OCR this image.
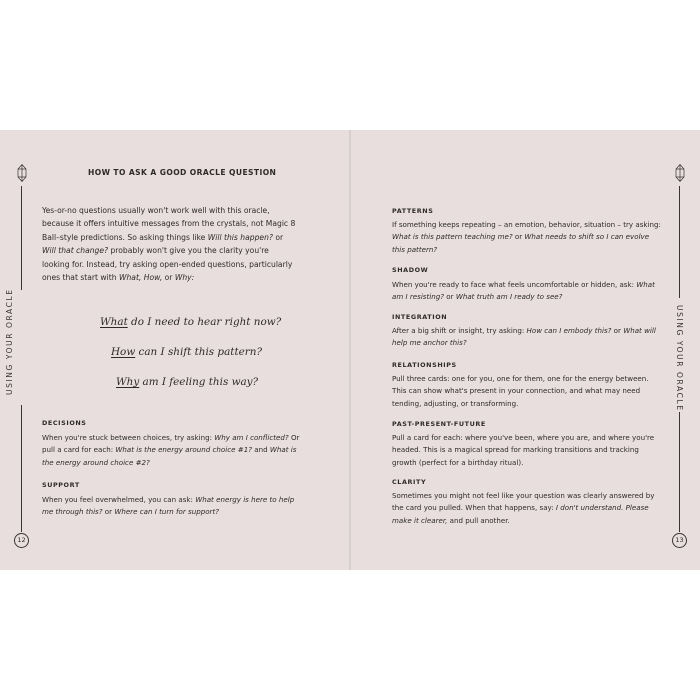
USING YOUR ORACLE
12
USING YOUR ORACLE
13
HOW TO ASK A GOOD ORACLE QUESTION

Yes-or-no questions usually won't work well with this oracle, because it offers intuitive messages from the crystals, not Magic 8 Ball–style predictions. So asking things like Will this happen? or Will that change? probably won't give you the clarity you're looking for. Instead, try asking open-ended questions, particularly ones that start with What, How, or Why:

What do I need to hear right now?
How can I shift this pattern?
Why am I feeling this way?
DECISIONS

When you're stuck between choices, try asking: Why am I conflicted? Or pull a card for each: What is the energy around choice #1? and What is the energy around choice #2?

SUPPORT

When you feel overwhelmed, you can ask: What energy is here to help me through this? or Where can I turn for support?

PATTERNS

If something keeps repeating – an emotion, behavior, situation – try asking: What is this pattern teaching me? or What needs to shift so I can evolve this pattern?

SHADOW

When you're ready to face what feels uncomfortable or hidden, ask: What am I resisting? or What truth am I ready to see?

INTEGRATION

After a big shift or insight, try asking: How can I embody this? or What will help me anchor this?

RELATIONSHIPS

Pull three cards: one for you, one for them, one for the energy between. This can show what's present in your connection, and what may need tending, adjusting, or transforming.

PAST-PRESENT-FUTURE

Pull a card for each: where you've been, where you are, and where you're headed. This is a magical spread for marking transitions and tracking growth (perfect for a birthday ritual).

CLARITY

Sometimes you might not feel like your question was clearly answered by the card you pulled. When that happens, say: I don't understand. Please make it clearer, and pull another.
